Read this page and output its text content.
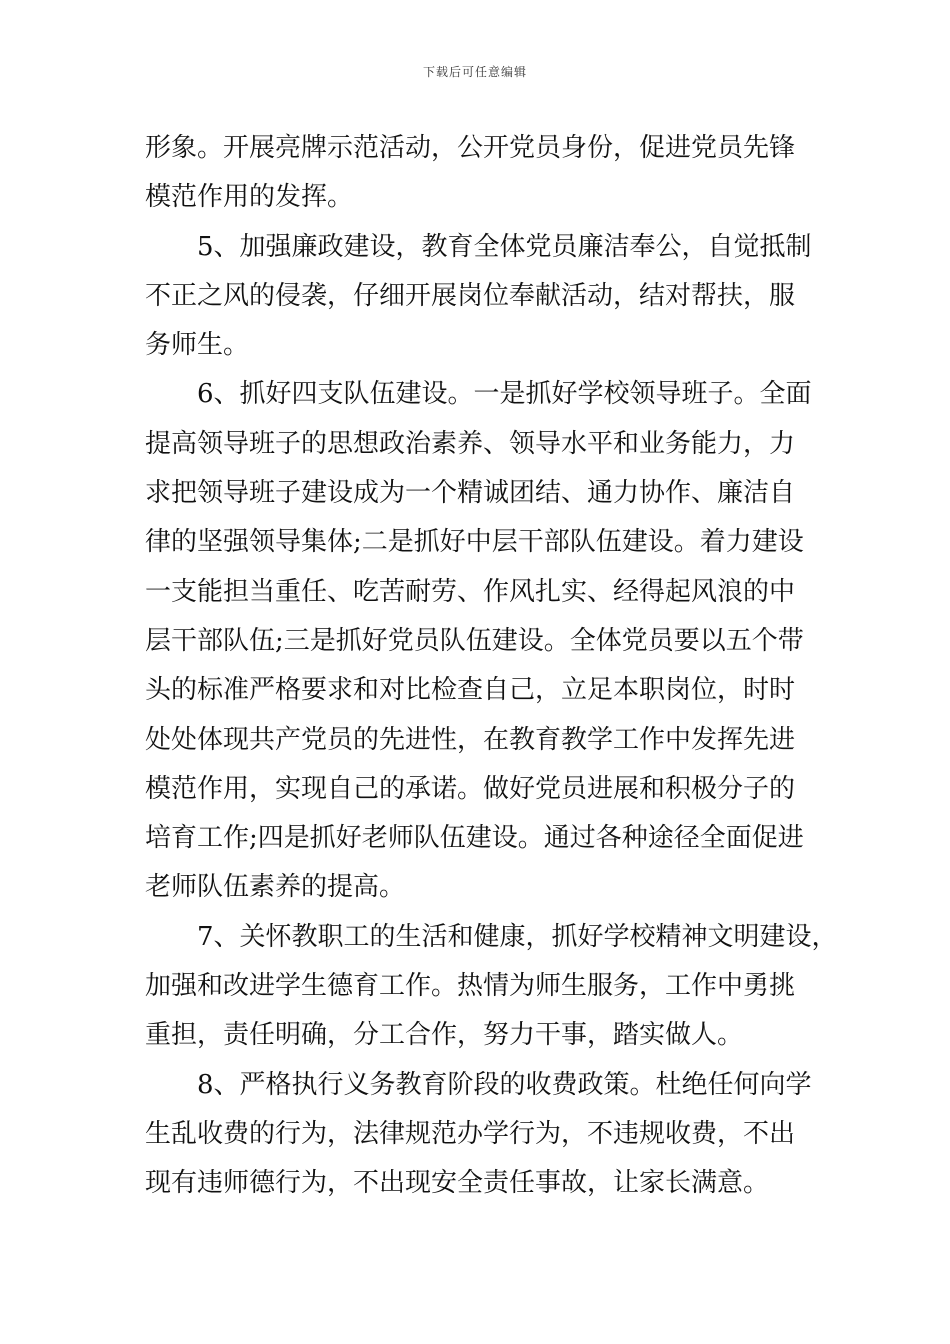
下载后可任意编辑
形象。开展亮牌示范活动，公开党员身份，促进党员先锋
模范作用的发挥。
5、加强廉政建设，教育全体党员廉洁奉公，自觉抵制
不正之风的侵袭，仔细开展岗位奉献活动，结对帮扶，服
务师生。
6、抓好四支队伍建设。一是抓好学校领导班子。全面
提高领导班子的思想政治素养、领导水平和业务能力，力
求把领导班子建设成为一个精诚团结、通力协作、廉洁自
律的坚强领导集体;二是抓好中层干部队伍建设。着力建设
一支能担当重任、吃苦耐劳、作风扎实、经得起风浪的中
层干部队伍;三是抓好党员队伍建设。全体党员要以五个带
头的标准严格要求和对比检查自己，立足本职岗位，时时
处处体现共产党员的先进性，在教育教学工作中发挥先进
模范作用，实现自己的承诺。做好党员进展和积极分子的
培育工作;四是抓好老师队伍建设。通过各种途径全面促进
老师队伍素养的提高。
7、关怀教职工的生活和健康，抓好学校精神文明建设，
加强和改进学生德育工作。热情为师生服务，工作中勇挑
重担，责任明确，分工合作，努力干事，踏实做人。
8、严格执行义务教育阶段的收费政策。杜绝任何向学
生乱收费的行为，法律规范办学行为，不违规收费，不出
现有违师德行为，不出现安全责任事故，让家长满意。
